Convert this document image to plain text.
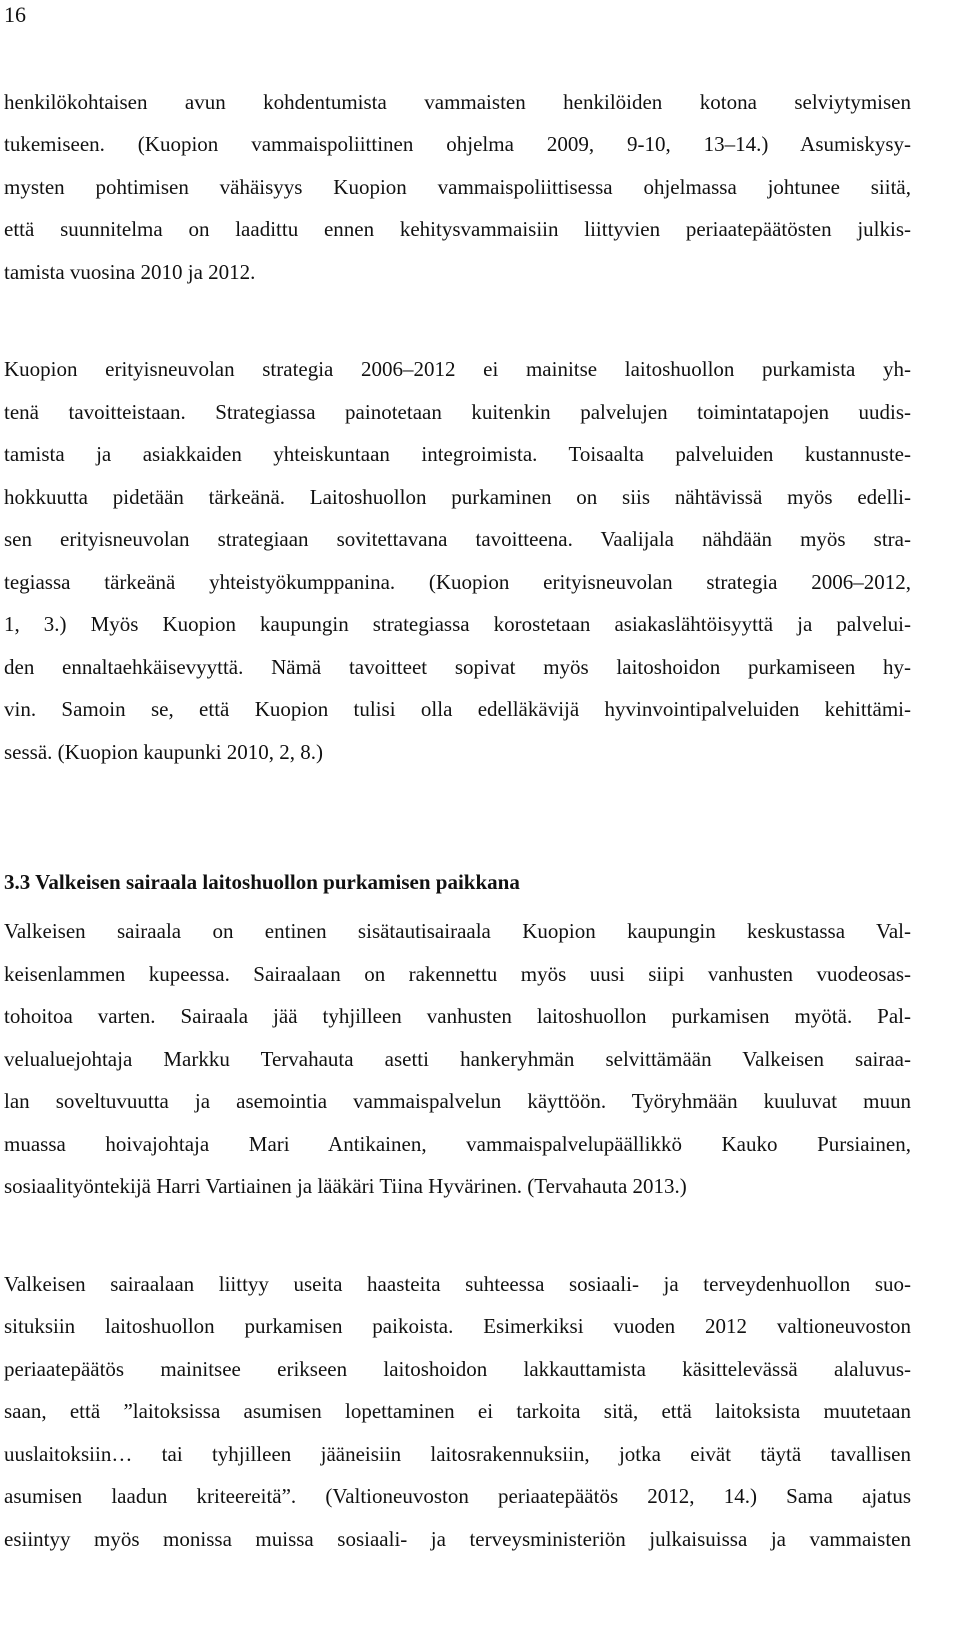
16

henkilökohtaisen avun kohdentumista vammaisten henkilöiden kotona selviytymisen

tukemiseen. (Kuopion vammaispoliittinen ohjelma 2009, 9-10, 13–14.) Asumiskysy-

mysten pohtimisen vähäisyys Kuopion vammaispoliittisessa ohjelmassa johtunee siitä,

että suunnitelma on laadittu ennen kehitysvammaisiin liittyvien periaatepäätösten julkis-

tamista vuosina 2010 ja 2012.

Kuopion erityisneuvolan strategia 2006–2012 ei mainitse laitoshuollon purkamista yh-

tenä tavoitteistaan. Strategiassa painotetaan kuitenkin palvelujen toimintatapojen uudis-

tamista ja asiakkaiden yhteiskuntaan integroimista. Toisaalta palveluiden kustannuste-

hokkuutta pidetään tärkeänä. Laitoshuollon purkaminen on siis nähtävissä myös edelli-

sen erityisneuvolan strategiaan sovitettavana tavoitteena. Vaalijala nähdään myös stra-

tegiassa tärkeänä yhteistyökumppanina. (Kuopion erityisneuvolan strategia 2006–2012,

1, 3.) Myös Kuopion kaupungin strategiassa korostetaan asiakaslähtöisyyttä ja palvelui-

den ennaltaehkäisevyyttä. Nämä tavoitteet sopivat myös laitoshoidon purkamiseen hy-

vin. Samoin se, että Kuopion tulisi olla edelläkävijä hyvinvointipalveluiden kehittämi-

sessä. (Kuopion kaupunki 2010, 2, 8.)

3.3 Valkeisen sairaala laitoshuollon purkamisen paikkana

Valkeisen sairaala on entinen sisätautisairaala Kuopion kaupungin keskustassa Val-

keisenlammen kupeessa. Sairaalaan on rakennettu myös uusi siipi vanhusten vuodeosas-

tohoitoa varten. Sairaala jää tyhjilleen vanhusten laitoshuollon purkamisen myötä. Pal-

velualuejohtaja Markku Tervahauta asetti hankeryhmän selvittämään Valkeisen sairaa-

lan soveltuvuutta ja asemointia vammaispalvelun käyttöön. Työryhmään kuuluvat muun

muassa hoivajohtaja Mari Antikainen, vammaispalvelupäällikkö Kauko Pursiainen,

sosiaalityöntekijä Harri Vartiainen ja lääkäri Tiina Hyvärinen. (Tervahauta 2013.)

Valkeisen sairaalaan liittyy useita haasteita suhteessa sosiaali- ja terveydenhuollon suo-

situksiin laitoshuollon purkamisen paikoista. Esimerkiksi vuoden 2012 valtioneuvoston

periaatepäätös mainitsee erikseen laitoshoidon lakkauttamista käsittelevässä alaluvus-

saan, että ”laitoksissa asumisen lopettaminen ei tarkoita sitä, että laitoksista muutetaan

uuslaitoksiin… tai tyhjilleen jääneisiin laitosrakennuksiin, jotka eivät täytä tavallisen

asumisen laadun kriteereitä”. (Valtioneuvoston periaatepäätös 2012, 14.) Sama ajatus

esiintyy myös monissa muissa sosiaali- ja terveysministeriön julkaisuissa ja vammaisten
